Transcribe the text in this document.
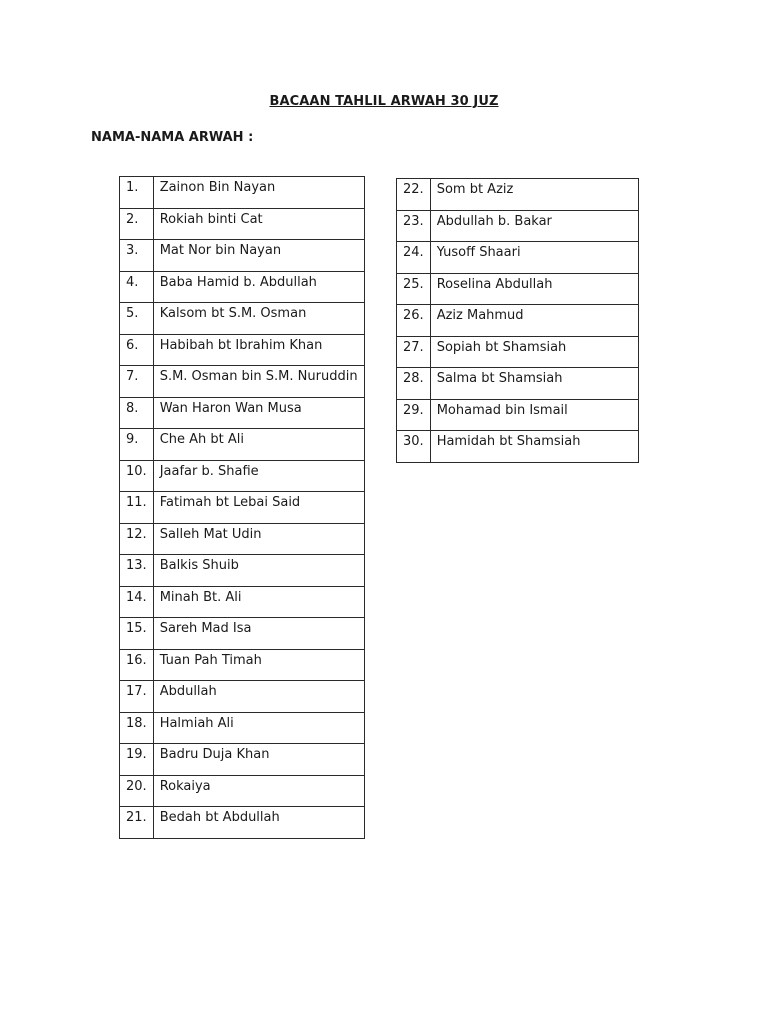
BACAAN TAHLIL ARWAH 30 JUZ
NAMA-NAMA ARWAH :
1.	Zainon Bin Nayan
2.	Rokiah binti Cat
3.	Mat Nor bin Nayan
4.	Baba Hamid b. Abdullah
5.	Kalsom bt S.M. Osman
6.	Habibah bt Ibrahim Khan
7.	S.M. Osman bin S.M. Nuruddin
8.	Wan Haron Wan Musa
9.	Che Ah bt Ali
10.	Jaafar b. Shafie
11.	Fatimah bt Lebai Said
12.	Salleh Mat Udin
13.	Balkis Shuib
14.	Minah Bt. Ali
15.	Sareh Mad Isa
16.	Tuan Pah Timah
17.	Abdullah
18.	Halmiah Ali
19.	Badru Duja Khan
20.	Rokaiya
21.	Bedah bt Abdullah
22.	Som bt Aziz
23.	Abdullah b. Bakar
24.	Yusoff Shaari
25.	Roselina Abdullah
26.	Aziz Mahmud
27.	Sopiah bt Shamsiah
28.	Salma bt Shamsiah
29.	Mohamad bin Ismail
30.	Hamidah bt Shamsiah
